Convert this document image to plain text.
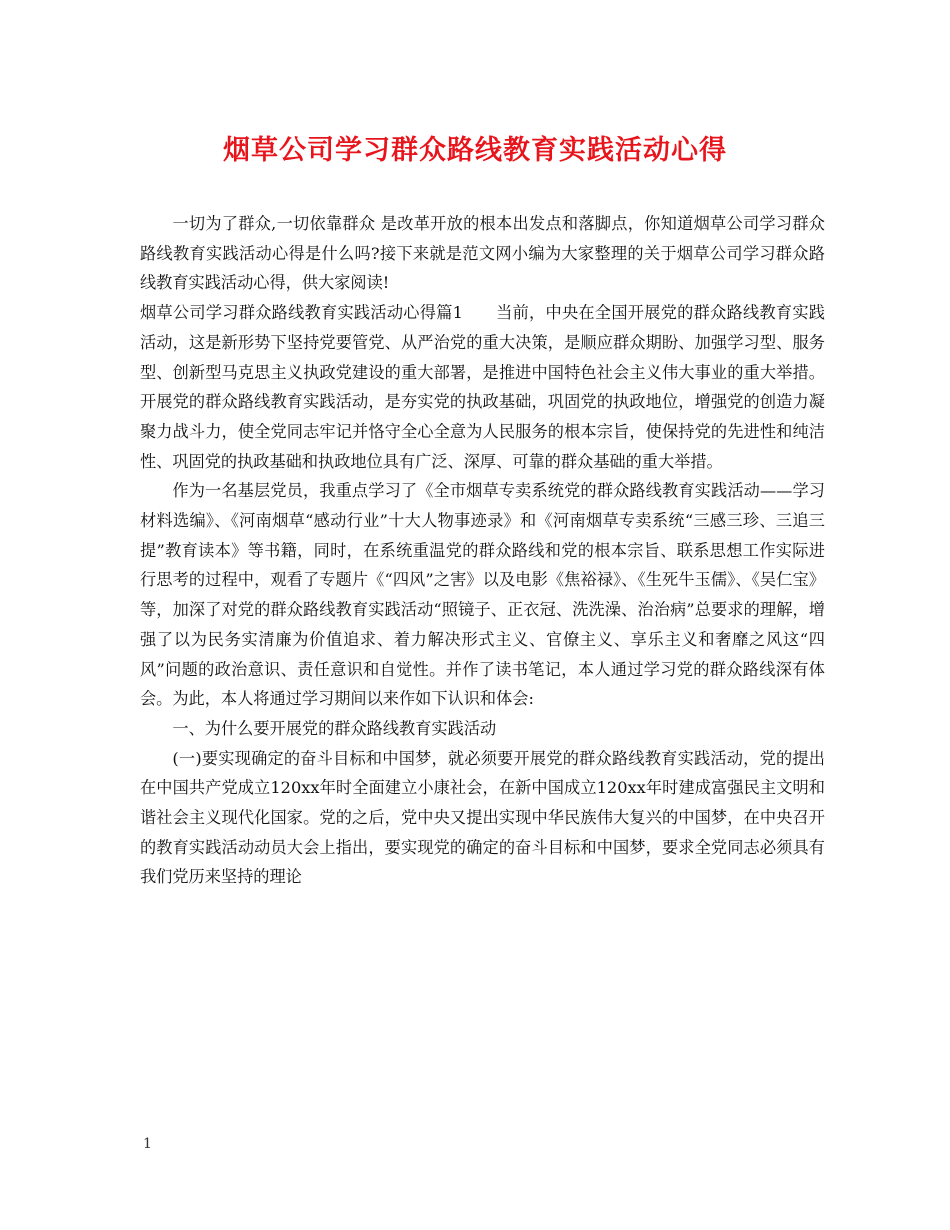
烟草公司学习群众路线教育实践活动心得

一切为了群众,一切依靠群众 是改革开放的根本出发点和落脚点，你知道烟草公司学习群众路线教育实践活动心得是什么吗?接下来就是范文网小编为大家整理的关于烟草公司学习群众路线教育实践活动心得，供大家阅读!

烟草公司学习群众路线教育实践活动心得篇1　　当前，中央在全国开展党的群众路线教育实践活动，这是新形势下坚持党要管党、从严治党的重大决策，是顺应群众期盼、加强学习型、服务型、创新型马克思主义执政党建设的重大部署，是推进中国特色社会主义伟大事业的重大举措。开展党的群众路线教育实践活动，是夯实党的执政基础，巩固党的执政地位，增强党的创造力凝聚力战斗力，使全党同志牢记并恪守全心全意为人民服务的根本宗旨，使保持党的先进性和纯洁性、巩固党的执政基础和执政地位具有广泛、深厚、可靠的群众基础的重大举措。

作为一名基层党员，我重点学习了《全市烟草专卖系统党的群众路线教育实践活动——学习材料选编》、《河南烟草“感动行业”十大人物事迹录》和《河南烟草专卖系统“三感三珍、三追三提”教育读本》等书籍，同时，在系统重温党的群众路线和党的根本宗旨、联系思想工作实际进行思考的过程中，观看了专题片《“四风”之害》以及电影《焦裕禄》、《生死牛玉儒》、《吴仁宝》等，加深了对党的群众路线教育实践活动“照镜子、正衣冠、洗洗澡、治治病”总要求的理解，增强了以为民务实清廉为价值追求、着力解决形式主义、官僚主义、享乐主义和奢靡之风这“四风”问题的政治意识、责任意识和自觉性。并作了读书笔记，本人通过学习党的群众路线深有体会。为此，本人将通过学习期间以来作如下认识和体会:

一、为什么要开展党的群众路线教育实践活动

(一)要实现确定的奋斗目标和中国梦，就必须要开展党的群众路线教育实践活动，党的提出在中国共产党成立120xx年时全面建立小康社会，在新中国成立120xx年时建成富强民主文明和谐社会主义现代化国家。党的之后，党中央又提出实现中华民族伟大复兴的中国梦，在中央召开的教育实践活动动员大会上指出，要实现党的确定的奋斗目标和中国梦，要求全党同志必须具有我们党历来坚持的理论

1
